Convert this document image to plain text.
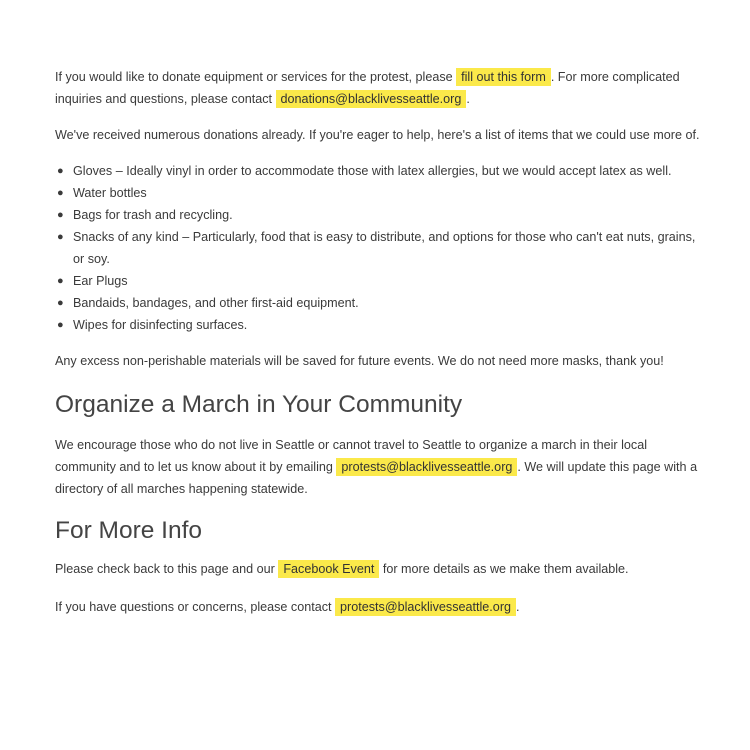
If you would like to donate equipment or services for the protest, please fill out this form . For more complicated inquiries and questions, please contact donations@blacklivesseattle.org .

We've received numerous donations already. If you're eager to help, here's a list of items that we could use more of.

● Gloves – Ideally vinyl in order to accommodate those with latex allergies, but we would accept latex as well.
● Water bottles
● Bags for trash and recycling.
● Snacks of any kind – Particularly, food that is easy to distribute, and options for those who can't eat nuts, grains, or soy.
● Ear Plugs
● Bandaids, bandages, and other first-aid equipment.
● Wipes for disinfecting surfaces.

Any excess non-perishable materials will be saved for future events. We do not need more masks, thank you!

Organize a March in Your Community

We encourage those who do not live in Seattle or cannot travel to Seattle to organize a march in their local community and to let us know about it by emailing protests@blacklivesseattle.org . We will update this page with a directory of all marches happening statewide.

For More Info

Please check back to this page and our Facebook Event for more details as we make them available.

If you have questions or concerns, please contact protests@blacklivesseattle.org .
